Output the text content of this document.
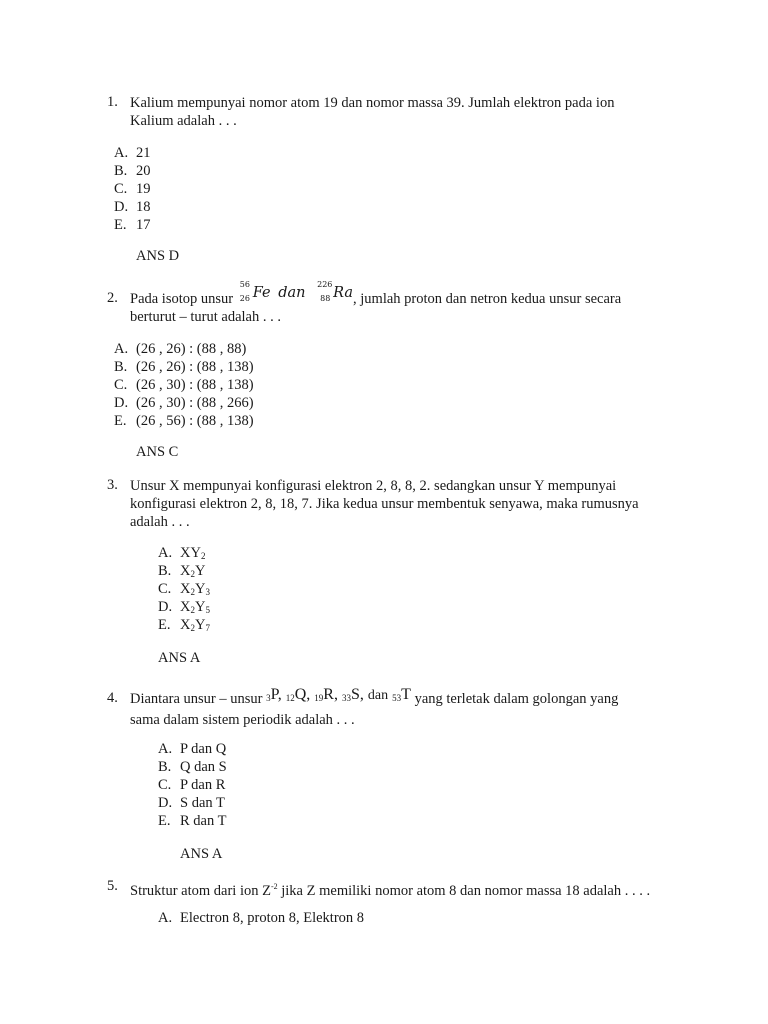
1. Kalium mempunyai nomor atom 19 dan nomor massa 39. Jumlah elektron pada ion
Kalium adalah . . .
A. 21
B. 20
C. 19
D. 18
E. 17
ANS D
2. Pada isotop unsur
56
26 Fe dan
226
88 Ra, jumlah proton dan netron kedua unsur secara
berturut – turut adalah . . .
A. (26 , 26) : (88 , 88)
B. (26 , 26) : (88 , 138)
C. (26 , 30) : (88 , 138)
D. (26 , 30) : (88 , 266)
E. (26 , 56) : (88 , 138)
ANS C
3. Unsur X mempunyai konfigurasi elektron 2, 8, 8, 2. sedangkan unsur Y mempunyai
konfigurasi elektron 2, 8, 18, 7. Jika kedua unsur membentuk senyawa, maka rumusnya
adalah . . .
A. $XY_2$
B. $X_2Y$
C. $X_2Y_3$
D. $X_2Y_5$
E. $X_2Y_7$
ANS A
4. Diantara unsur – unsur $_3$P, $_{12}$Q, $_{19}$R, $_{33}$S, dan $_{53}$T yang terletak dalam golongan yang
sama dalam sistem periodik adalah . . .
A. P dan Q
B. Q dan S
C. P dan R
D. S dan T
E. R dan T
ANS A
5. Struktur atom dari ion $Z^{-2}$ jika Z memiliki nomor atom 8 dan nomor massa 18 adalah . . . .
A. Electron 8, proton 8, Elektron 8
